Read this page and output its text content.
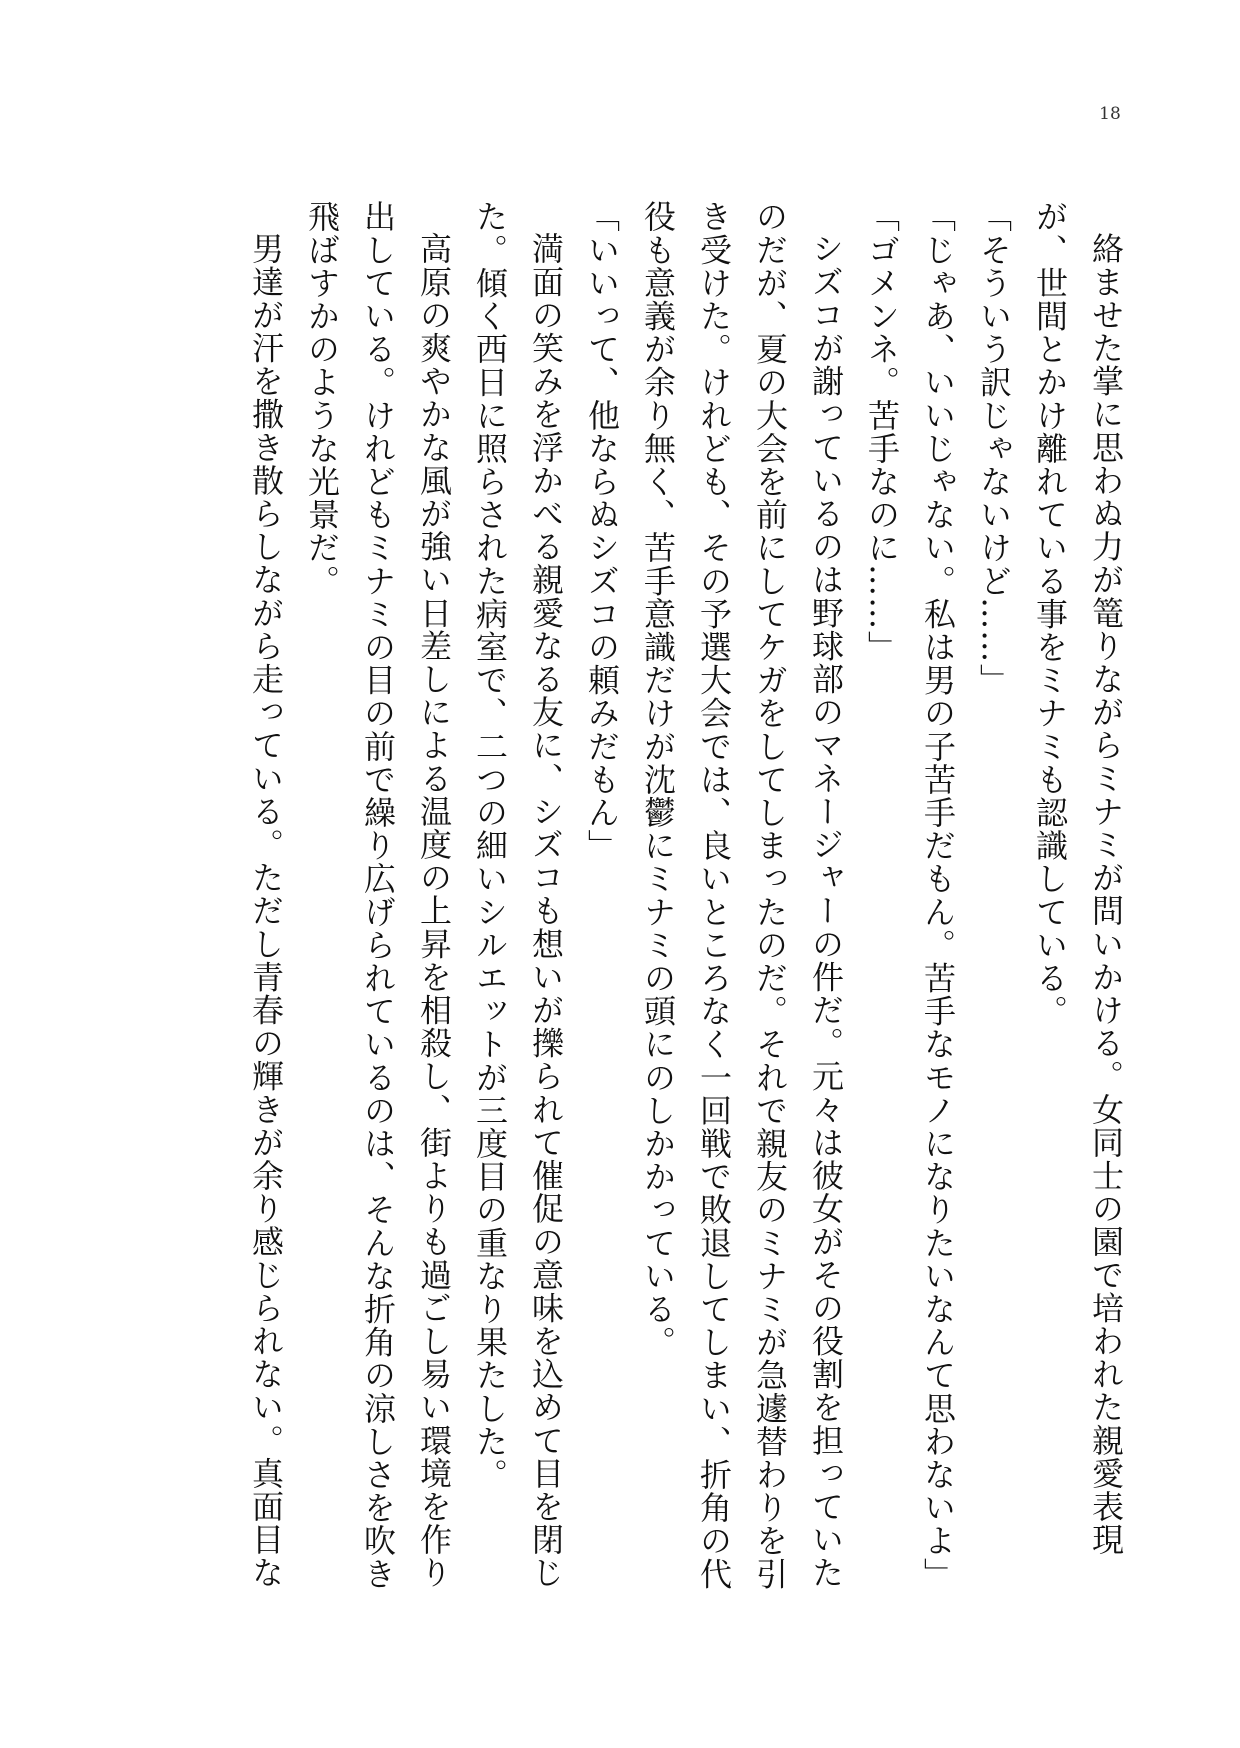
18

絡ませた掌に思わぬ力が篭りながらミナミが問いかける。女同士の園で培われた親愛表現が、世間とかけ離れている事をミナミも認識している。

「そういう訳じゃないけど……」

「じゃあ、いいじゃない。私は男の子苦手だもん。苦手なモノになりたいなんて思わないよ」

「ゴメンネ。苦手なのに……」

シズコが謝っているのは野球部のマネージャーの件だ。元々は彼女がその役割を担っていたのだが、夏の大会を前にしてケガをしてしまったのだ。それで親友のミナミが急遽替わりを引き受けた。けれども、その予選大会では、良いところなく一回戦で敗退してしまい、折角の代役も意義が余り無く、苦手意識だけが沈鬱にミナミの頭にのしかかっている。

「いいって、他ならぬシズコの頼みだもん」

満面の笑みを浮かべる親愛なる友に、シズコも想いが擽られて催促の意味を込めて目を閉じた。傾く西日に照らされた病室で、二つの細いシルエットが三度目の重なり果たした。

高原の爽やかな風が強い日差しによる温度の上昇を相殺し、街よりも過ごし易い環境を作り出している。けれどもミナミの目の前で繰り広げられているのは、そんな折角の涼しさを吹き飛ばすかのような光景だ。

男達が汗を撒き散らしながら走っている。ただし青春の輝きが余り感じられない。真面目な
